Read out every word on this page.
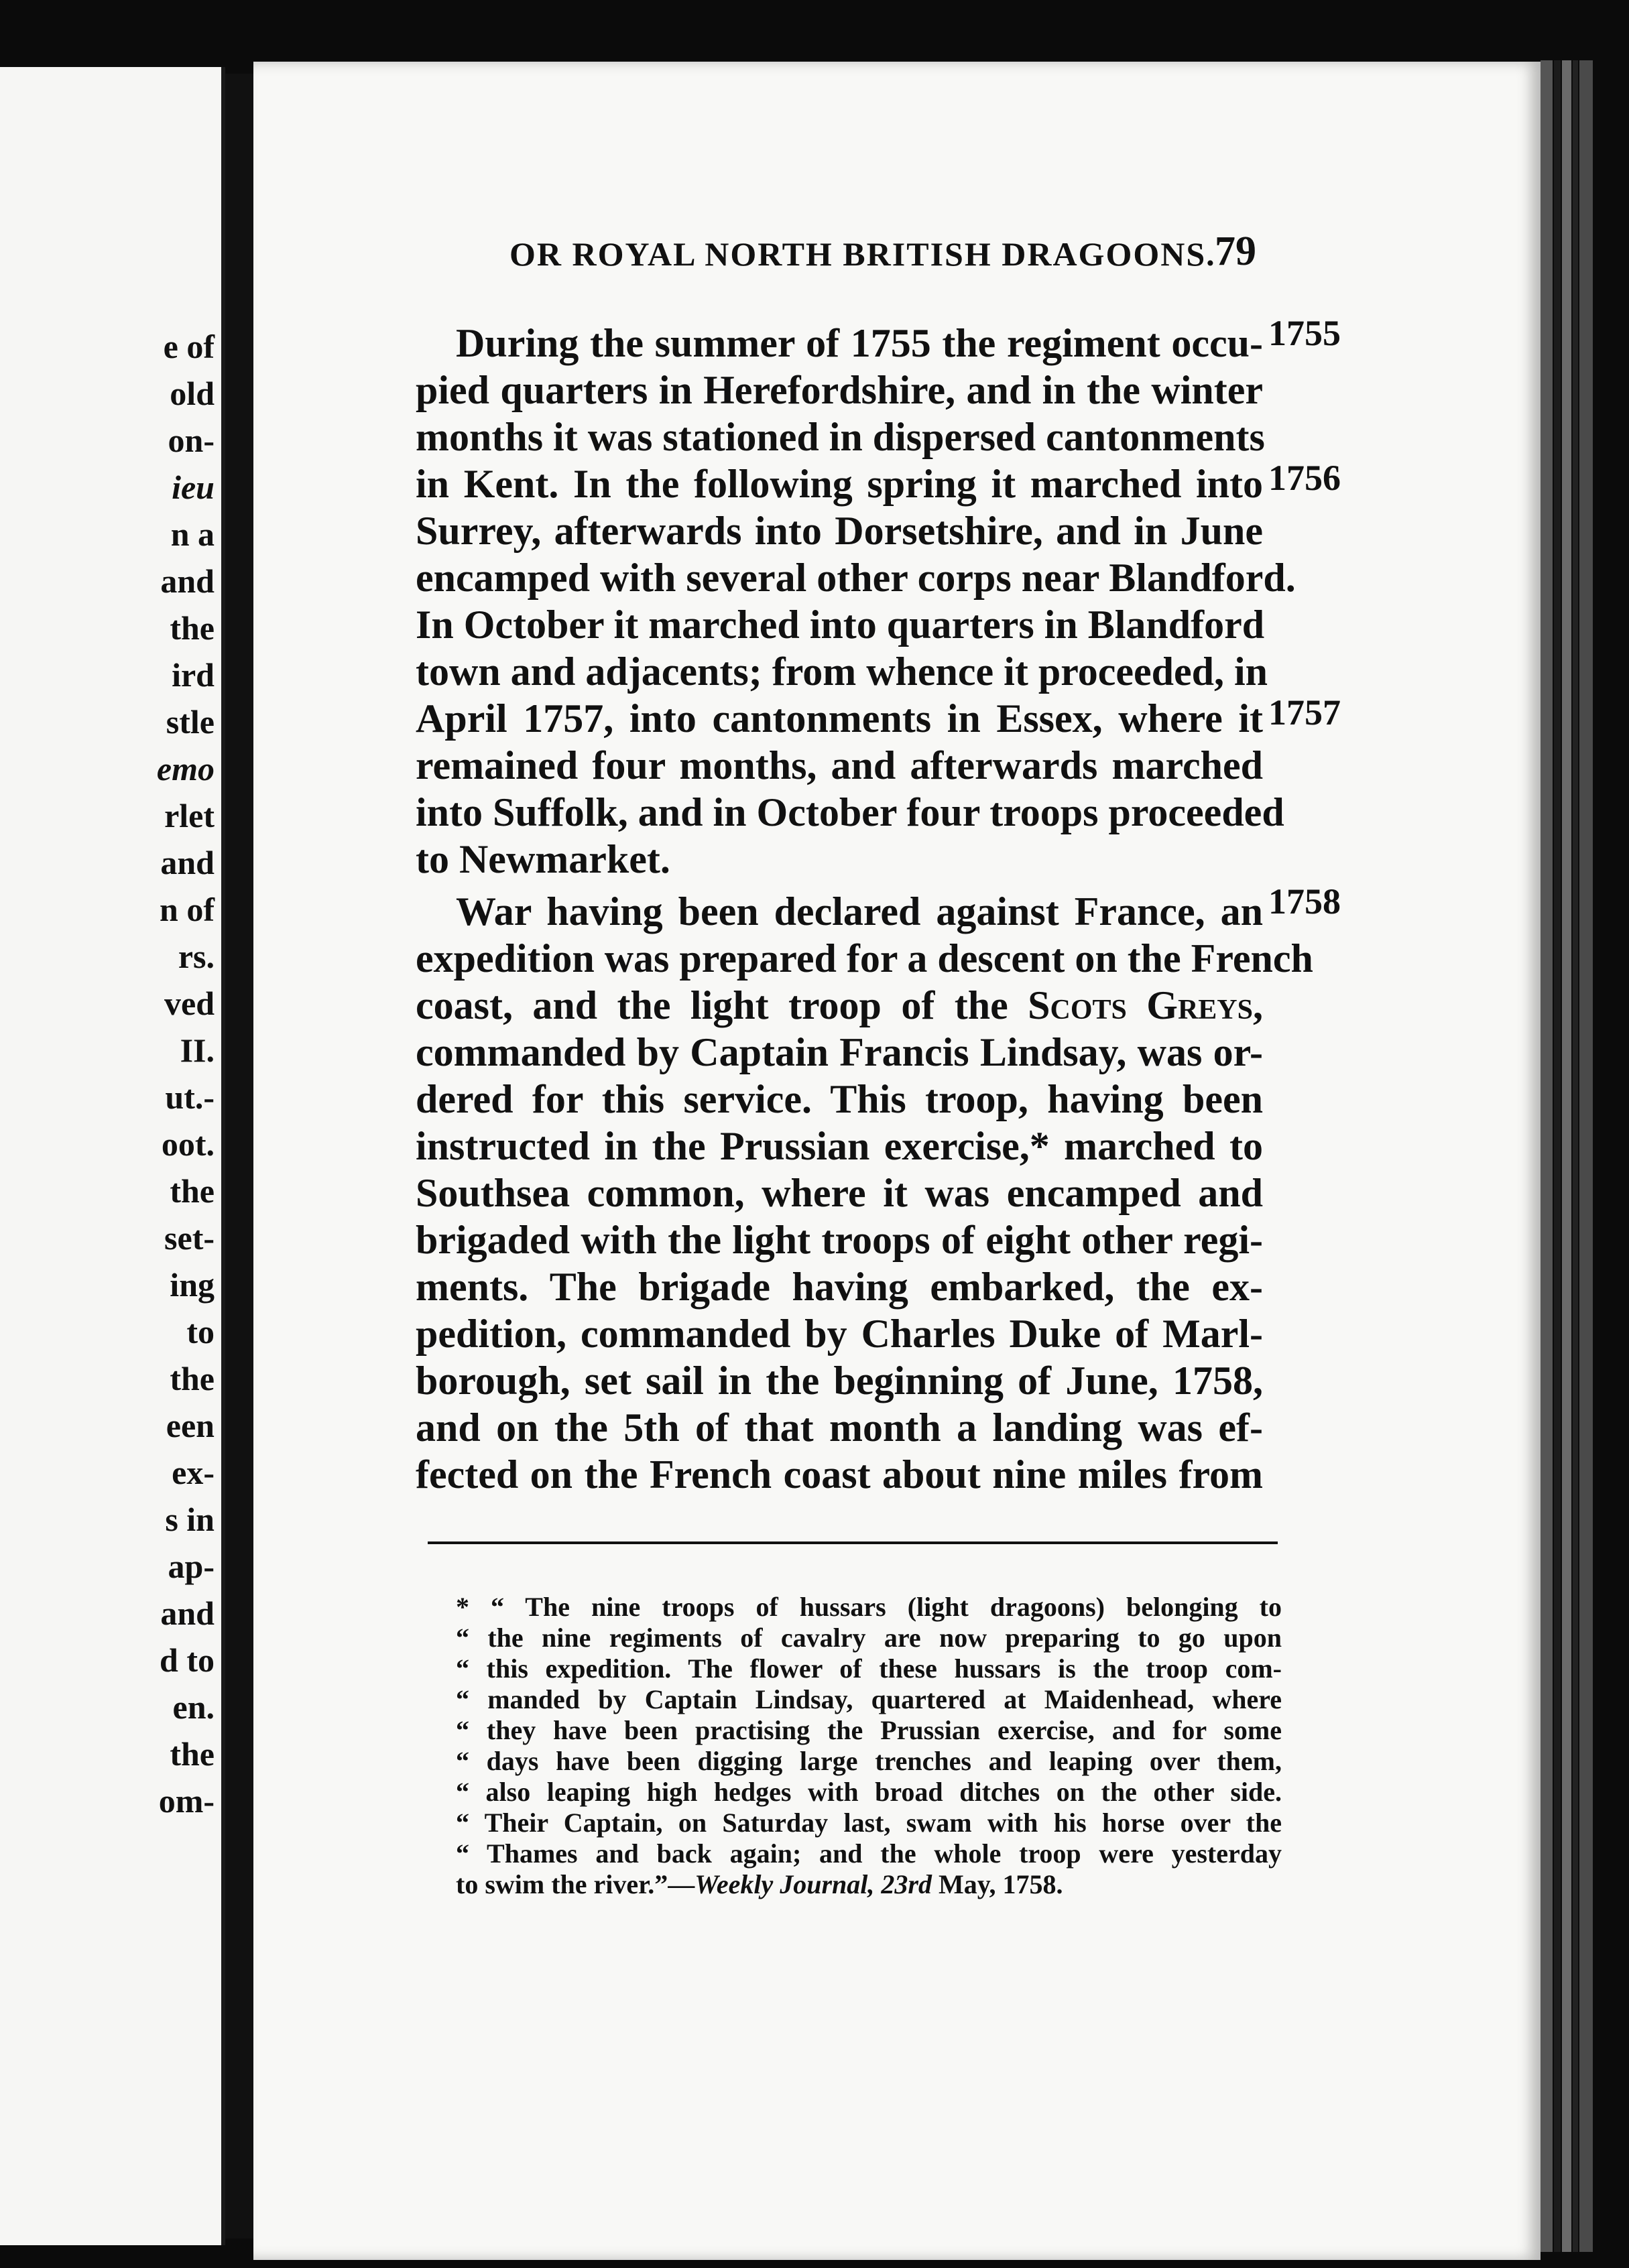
e of
old
on-
ieu
n a
and
the
ird
stle
emo
rlet
and
n of
rs.
ved
II.
ut.-
oot.
the
set-
ing
to
the
een
ex-
s in
ap-
and
d to
en.
the
om-
OR ROYAL NORTH BRITISH DRAGOONS.
79
1755
1756
1757
1758
During the summer of 1755 the regiment occu-
pied quarters in Herefordshire, and in the winter
months it was stationed in dispersed cantonments
in Kent. In the following spring it marched into
Surrey, afterwards into Dorsetshire, and in June
encamped with several other corps near Blandford.
In October it marched into quarters in Blandford
town and adjacents; from whence it proceeded, in
April 1757, into cantonments in Essex, where it
remained four months, and afterwards marched
into Suffolk, and in October four troops proceeded
to Newmarket.
War having been declared against France, an
expedition was prepared for a descent on the French
coast, and the light troop of the Scots Greys,
commanded by Captain Francis Lindsay, was or-
dered for this service. This troop, having been
instructed in the Prussian exercise,* marched to
Southsea common, where it was encamped and
brigaded with the light troops of eight other regi-
ments. The brigade having embarked, the ex-
pedition, commanded by Charles Duke of Marl-
borough, set sail in the beginning of June, 1758,
and on the 5th of that month a landing was ef-
fected on the French coast about nine miles from
* “ The nine troops of hussars (light dragoons) belonging to
“ the nine regiments of cavalry are now preparing to go upon
“ this expedition. The flower of these hussars is the troop com-
“ manded by Captain Lindsay, quartered at Maidenhead, where
“ they have been practising the Prussian exercise, and for some
“ days have been digging large trenches and leaping over them,
“ also leaping high hedges with broad ditches on the other side.
“ Their Captain, on Saturday last, swam with his horse over the
“ Thames and back again; and the whole troop were yesterday
to swim the river.”—Weekly Journal, 23rd May, 1758.
